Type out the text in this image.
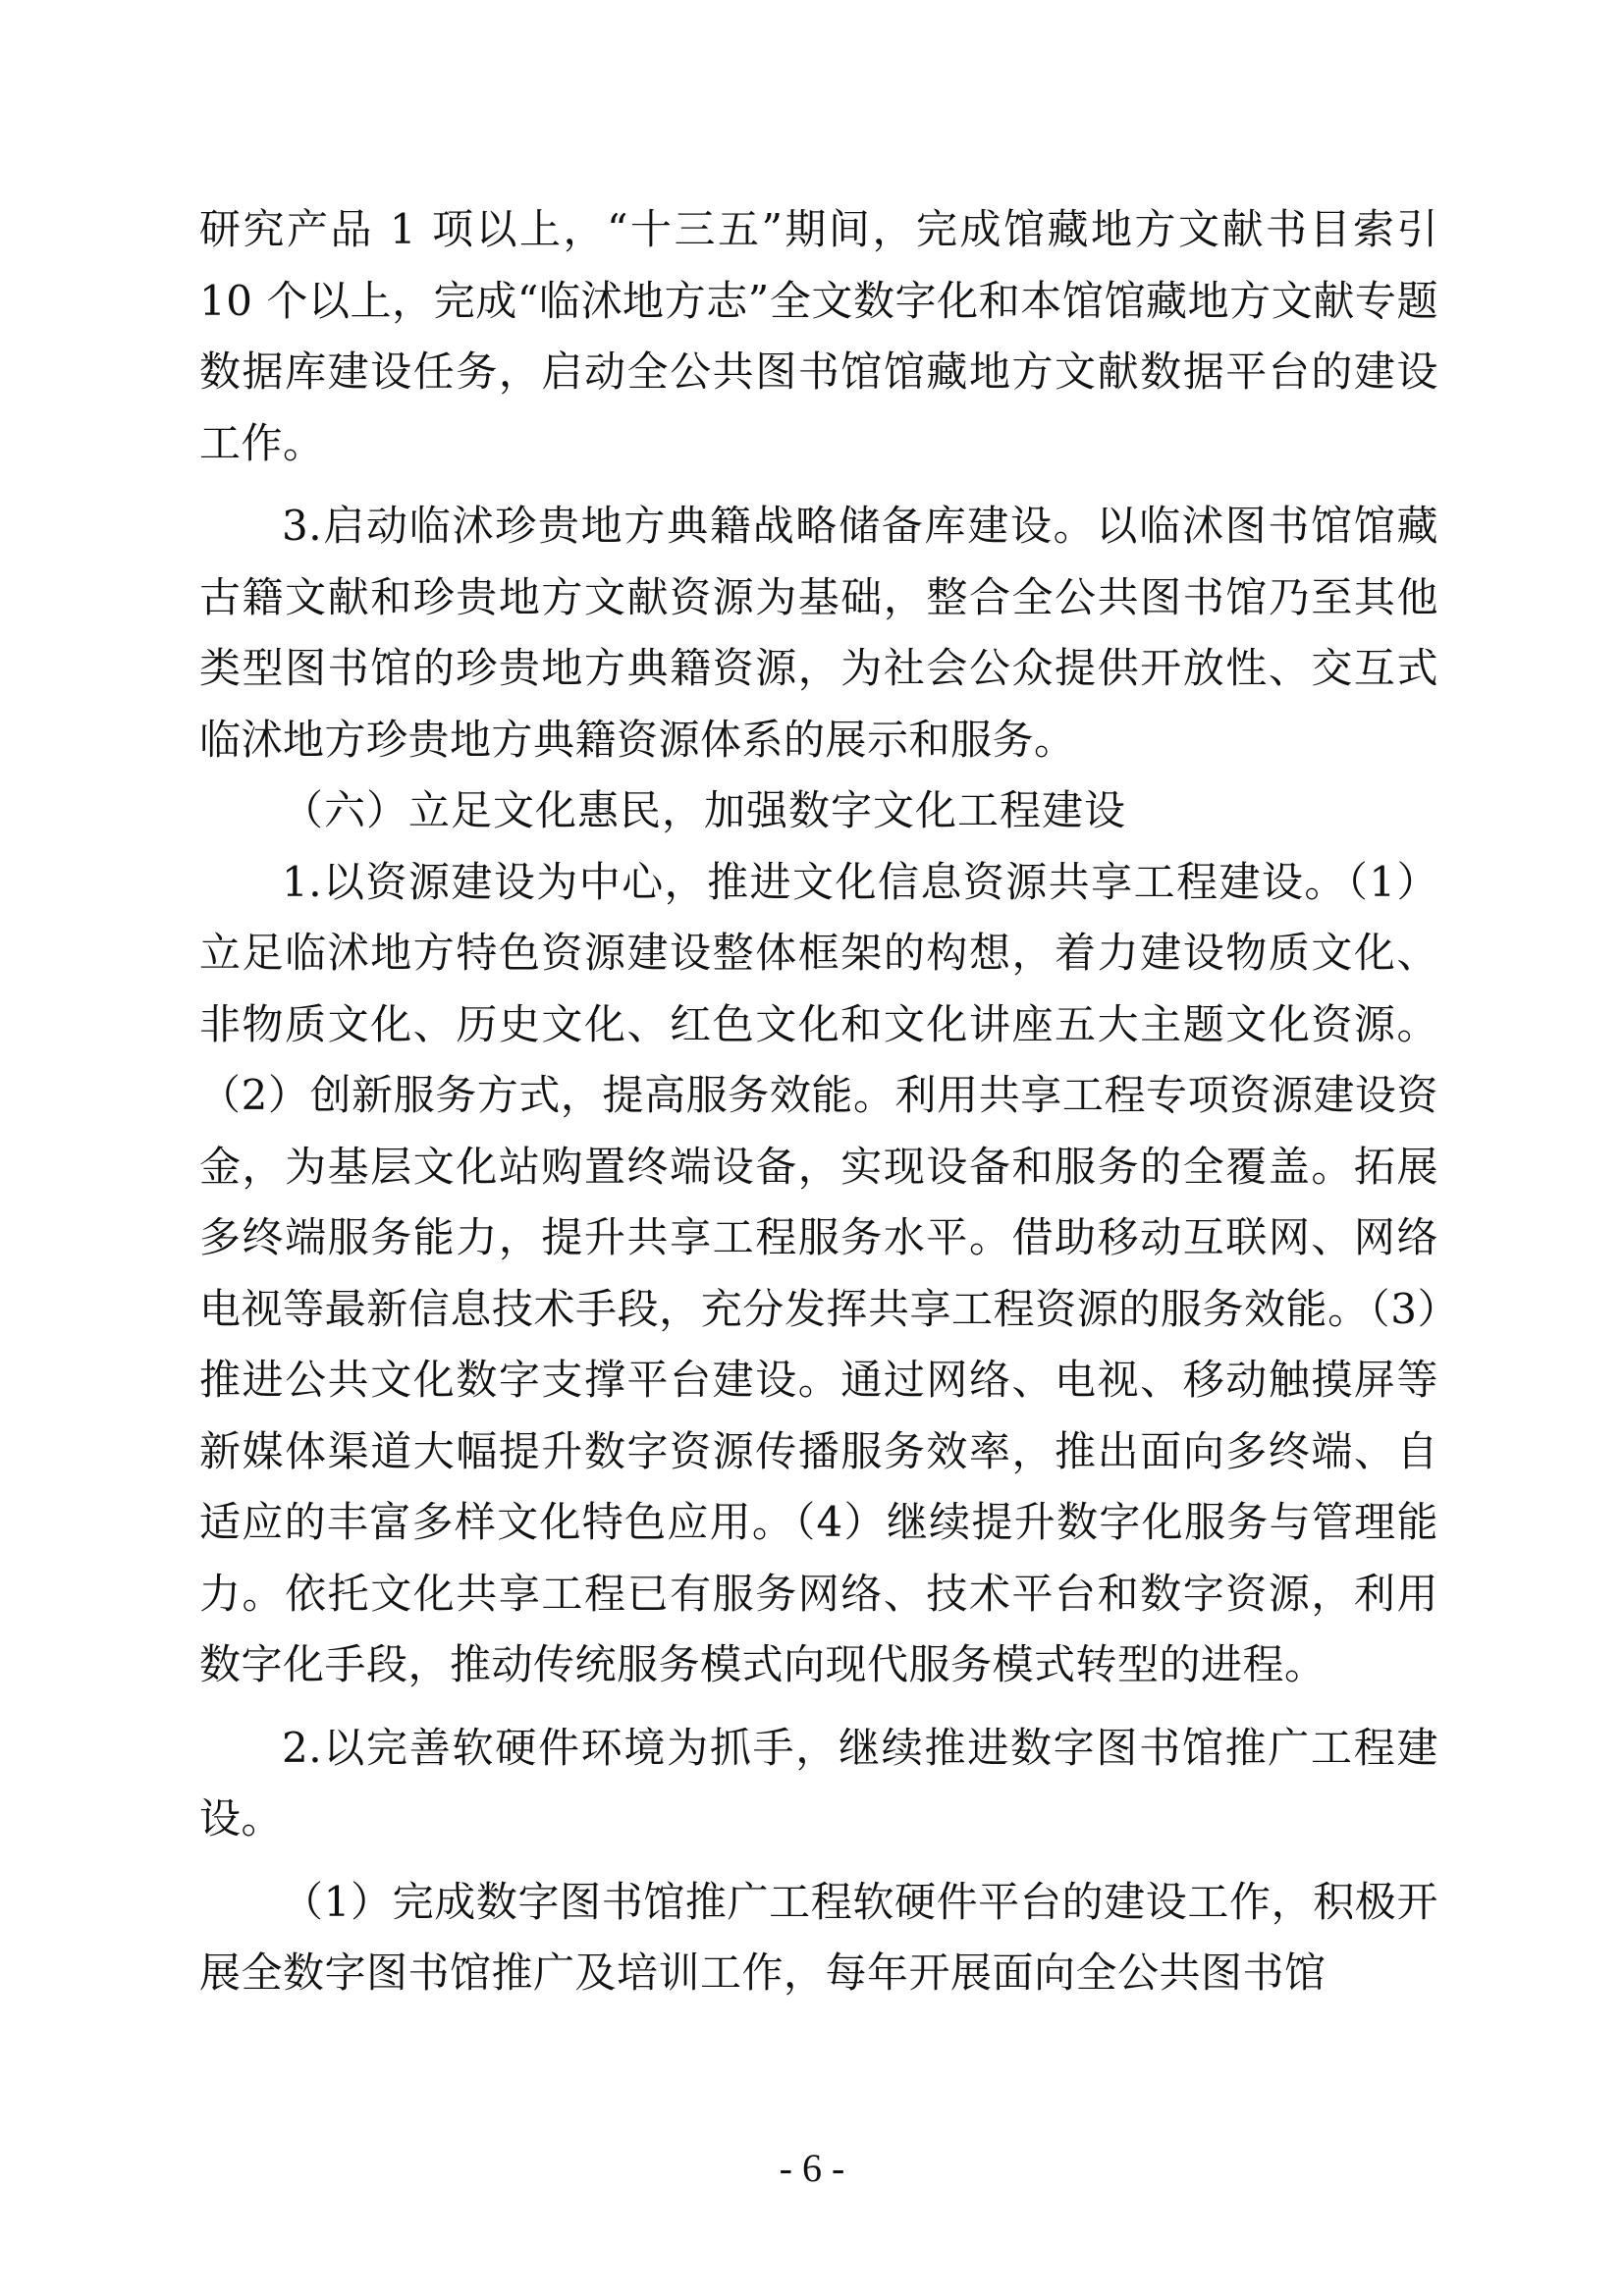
研究产品 1 项以上，“十三五”期间，完成馆藏地方文献书目索引 10 个以上，完成“临沭地方志”全文数字化和本馆馆藏地方文献专题数据库建设任务，启动全公共图书馆馆藏地方文献数据平台的建设工作。

3.启动临沭珍贵地方典籍战略储备库建设。以临沭图书馆馆藏古籍文献和珍贵地方文献资源为基础，整合全公共图书馆乃至其他类型图书馆的珍贵地方典籍资源，为社会公众提供开放性、交互式临沭地方珍贵地方典籍资源体系的展示和服务。

（六）立足文化惠民，加强数字文化工程建设

1.以资源建设为中心，推进文化信息资源共享工程建设。（1）立足临沭地方特色资源建设整体框架的构想，着力建设物质文化、非物质文化、历史文化、红色文化和文化讲座五大主题文化资源。（2）创新服务方式，提高服务效能。利用共享工程专项资源建设资金，为基层文化站购置终端设备，实现设备和服务的全覆盖。拓展多终端服务能力，提升共享工程服务水平。借助移动互联网、网络电视等最新信息技术手段，充分发挥共享工程资源的服务效能。（3）推进公共文化数字支撑平台建设。通过网络、电视、移动触摸屏等新媒体渠道大幅提升数字资源传播服务效率，推出面向多终端、自适应的丰富多样文化特色应用。（4）继续提升数字化服务与管理能力。依托文化共享工程已有服务网络、技术平台和数字资源，利用数字化手段，推动传统服务模式向现代服务模式转型的进程。

2.以完善软硬件环境为抓手，继续推进数字图书馆推广工程建设。

（1）完成数字图书馆推广工程软硬件平台的建设工作，积极开展全数字图书馆推广及培训工作，每年开展面向全公共图书馆

- 6 -
